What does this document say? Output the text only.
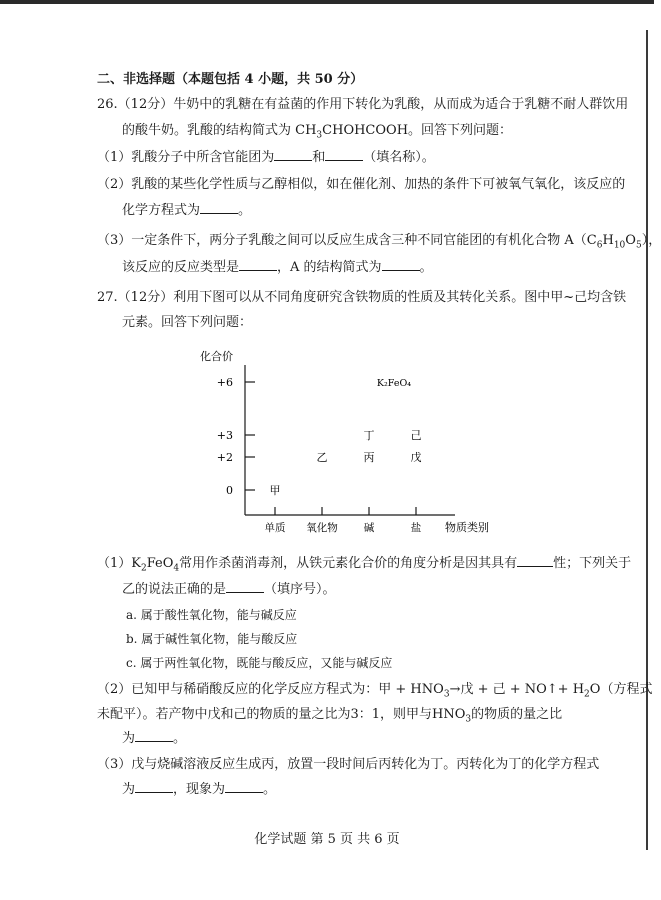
二、非选择题（本题包括 4 小题，共 50 分）
26.（12分）牛奶中的乳糖在有益菌的作用下转化为乳酸，从而成为适合于乳糖不耐人群饮用
的酸牛奶。乳酸的结构简式为 $CH_3CHOHCOOH$。回答下列问题：
（1）乳酸分子中所含官能团为	和	（填名称）。
（2）乳酸的某些化学性质与乙醇相似，如在催化剂、加热的条件下可被氧气氧化，该反应的
化学方程式为	。
（3）一定条件下，两分子乳酸之间可以反应生成含三种不同官能团的有机化合物 $A(C_6H_{10}O_5)$，
该反应的反应类型是	，A 的结构简式为	。
27.（12分）利用下图可以从不同角度研究含铁物质的性质及其转化关系。图中甲~己均含铁
元素。回答下列问题：
化合价
物质类别
+6
+3
+2
0
单质 氧化物 碱	盐
甲
乙	丙
丁
戊
己
K₂FeO₄
$(1)K_2FeO_4$常用作杀菌消毒剂，从铁元素化合价的角度分析是因其具有	性；下列关于
乙的说法正确的是	（填序号）。
a. 属于酸性氧化物，能与碱反应
b. 属于碱性氧化物，能与酸反应
c. 属于两性氧化物，既能与酸反应，又能与碱反应
（2）已知甲与稀硝酸反应的化学反应方程式为：甲 + $HNO_3\to$戊 + 己 + NO↑+ $H_2O$（方程式
未配平）。若产物中戊和己的物质的量之比为3：1，则甲与$HNO_3$的物质的量之比
为	。
（3）戊与烧碱溶液反应生成丙，放置一段时间后丙转化为丁。丙转化为丁的化学方程式
为	，现象为	。
化学试题 第 5 页 共 6 页
